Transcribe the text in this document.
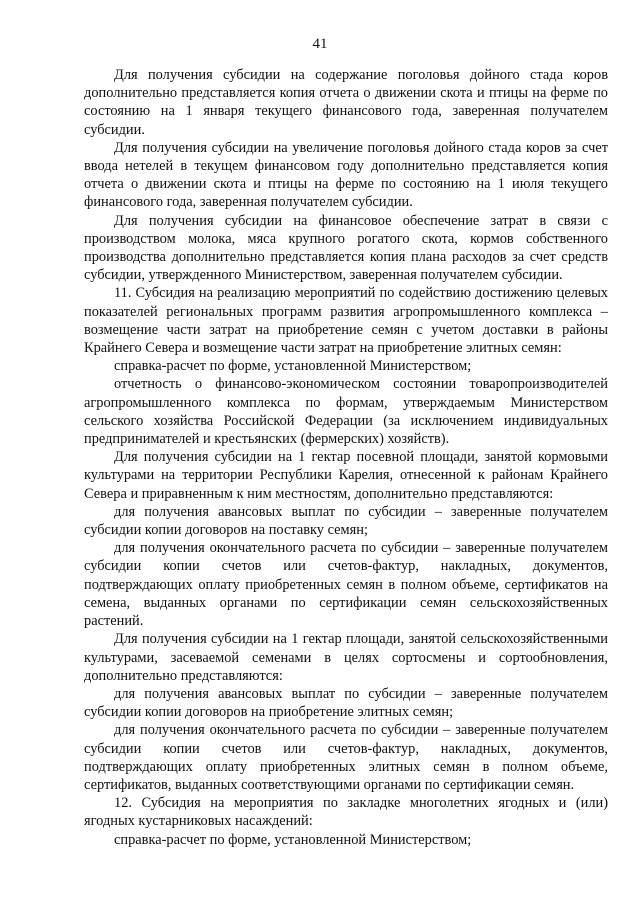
41

Для получения субсидии на содержание поголовья дойного стада коров дополнительно представляется копия отчета о движении скота и птицы на ферме по состоянию на 1 января текущего финансового года, заверенная получателем субсидии.

Для получения субсидии на увеличение поголовья дойного стада коров за счет ввода нетелей в текущем финансовом году дополнительно представляется копия отчета о движении скота и птицы на ферме по состоянию на 1 июля текущего финансового года, заверенная получателем субсидии.

Для получения субсидии на финансовое обеспечение затрат в связи с производством молока, мяса крупного рогатого скота, кормов собственного производства дополнительно представляется копия плана расходов за счет средств субсидии, утвержденного Министерством, заверенная получателем субсидии.

11. Субсидия на реализацию мероприятий по содействию достижению целевых показателей региональных программ развития агропромышленного комплекса – возмещение части затрат на приобретение семян с учетом доставки в районы Крайнего Севера и возмещение части затрат на приобретение элитных семян:

справка-расчет по форме, установленной Министерством;

отчетность о финансово-экономическом состоянии товаропроизводителей агропромышленного комплекса по формам, утверждаемым Министерством сельского хозяйства Российской Федерации (за исключением индивидуальных предпринимателей и крестьянских (фермерских) хозяйств).

Для получения субсидии на 1 гектар посевной площади, занятой кормовыми культурами на территории Республики Карелия, отнесенной к районам Крайнего Севера и приравненным к ним местностям, дополнительно представляются:

для получения авансовых выплат по субсидии – заверенные получателем субсидии копии договоров на поставку семян;

для получения окончательного расчета по субсидии – заверенные получателем субсидии копии счетов или счетов-фактур, накладных, документов, подтверждающих оплату приобретенных семян в полном объеме, сертификатов на семена, выданных органами по сертификации семян сельскохозяйственных растений.

Для получения субсидии на 1 гектар площади, занятой сельскохозяйственными культурами, засеваемой семенами в целях сортосмены и сортообновления, дополнительно представляются:

для получения авансовых выплат по субсидии – заверенные получателем субсидии копии договоров на приобретение элитных семян;

для получения окончательного расчета по субсидии – заверенные получателем субсидии копии счетов или счетов-фактур, накладных, документов, подтверждающих оплату приобретенных элитных семян в полном объеме, сертификатов, выданных соответствующими органами по сертификации семян.

12. Субсидия на мероприятия по закладке многолетних ягодных и (или) ягодных кустарниковых насаждений:

справка-расчет по форме, установленной Министерством;
